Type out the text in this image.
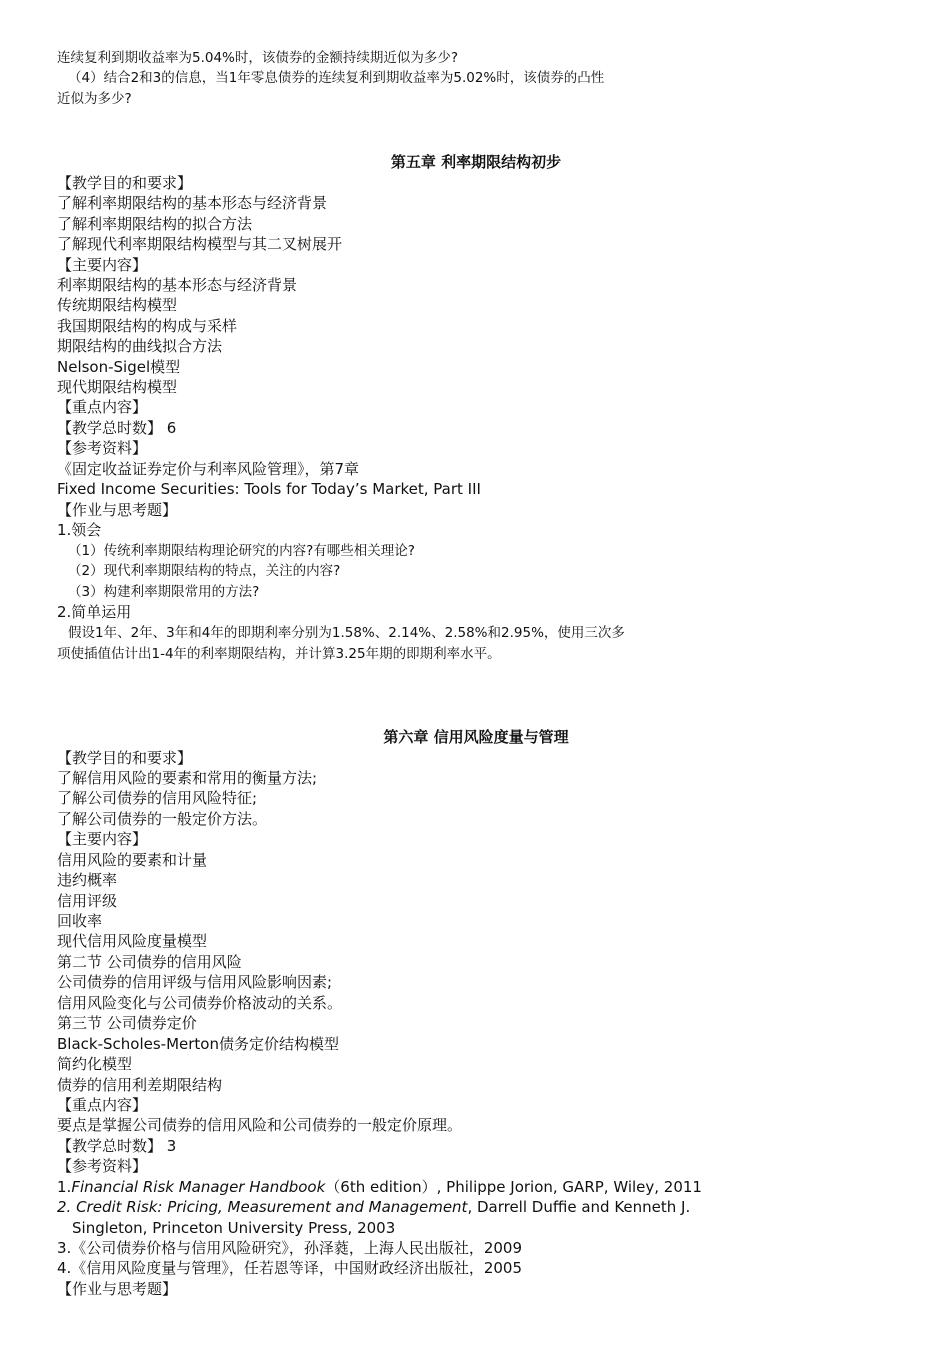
连续复利到期收益率为5.04%时，该债券的金额持续期近似为多少?
（4）结合2和3的信息，当1年零息债券的连续复利到期收益率为5.02%时，该债券的凸性
近似为多少?
第五章 利率期限结构初步
【教学目的和要求】
了解利率期限结构的基本形态与经济背景
了解利率期限结构的拟合方法
了解现代利率期限结构模型与其二叉树展开
【主要内容】
利率期限结构的基本形态与经济背景
传统期限结构模型
我国期限结构的构成与采样
期限结构的曲线拟合方法
Nelson-Sigel模型
现代期限结构模型
【重点内容】
【教学总时数】 6
【参考资料】
《固定收益证券定价与利率风险管理》，第7章
Fixed Income Securities: Tools for Today’s Market, Part III
【作业与思考题】
1.领会
（1）传统利率期限结构理论研究的内容?有哪些相关理论?
（2）现代利率期限结构的特点，关注的内容?
（3）构建利率期限常用的方法?
2.简单运用
假设1年、2年、3年和4年的即期利率分别为1.58%、2.14%、2.58%和2.95%，使用三次多
项使插值估计出1-4年的利率期限结构，并计算3.25年期的即期利率水平。
第六章 信用风险度量与管理
【教学目的和要求】
了解信用风险的要素和常用的衡量方法;
了解公司债券的信用风险特征;
了解公司债券的一般定价方法。
【主要内容】
信用风险的要素和计量
违约概率
信用评级
回收率
现代信用风险度量模型
第二节 公司债券的信用风险
公司债券的信用评级与信用风险影响因素;
信用风险变化与公司债券价格波动的关系。
第三节 公司债券定价
Black-Scholes-Merton债务定价结构模型
简约化模型
债券的信用利差期限结构
【重点内容】
要点是掌握公司债券的信用风险和公司债券的一般定价原理。
【教学总时数】 3
【参考资料】
1.Financial Risk Manager Handbook（6th edition）, Philippe Jorion, GARP, Wiley, 2011
2. Credit Risk: Pricing, Measurement and Management, Darrell Duffie and Kenneth J.
Singleton, Princeton University Press, 2003
3.《公司债券价格与信用风险研究》，孙泽蕤，上海人民出版社，2009
4.《信用风险度量与管理》，任若恩等译，中国财政经济出版社，2005
【作业与思考题】
